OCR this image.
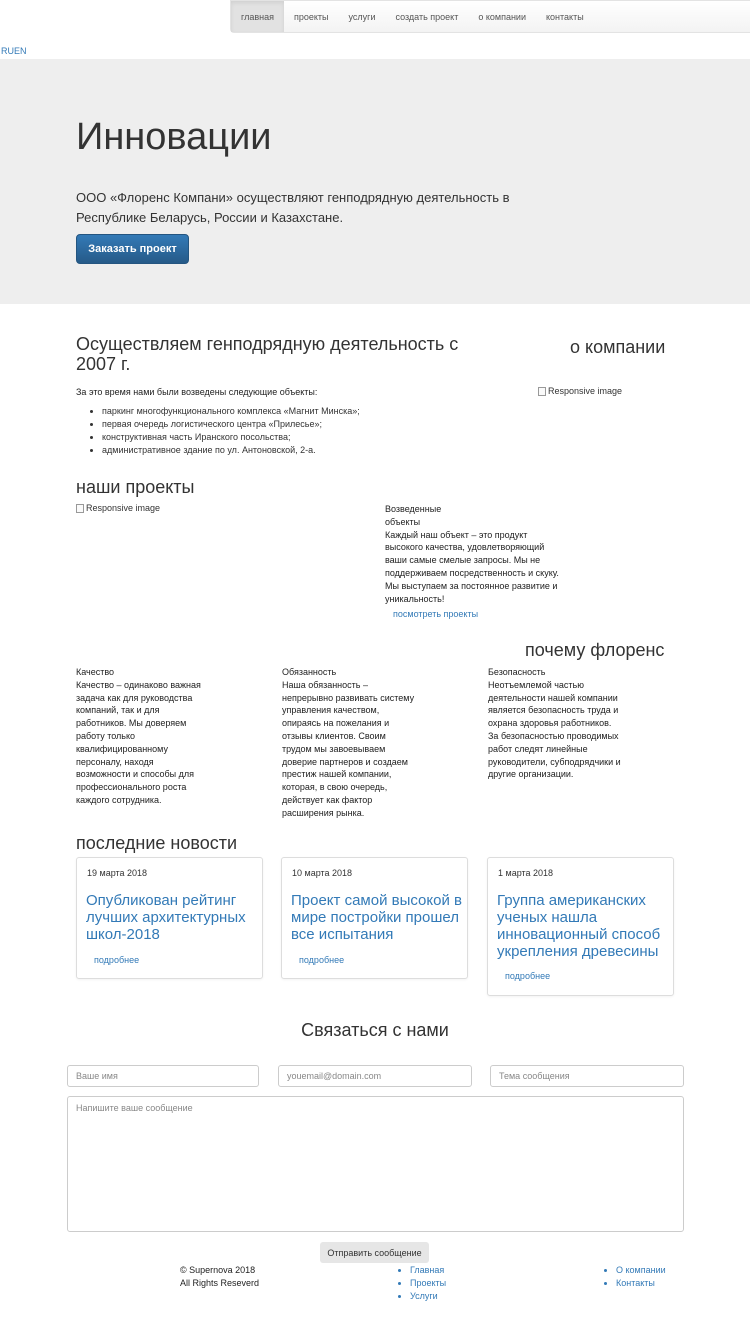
главная	проекты	услуги	создать проект	о компании	контакты
RUEN
Инновации

ООО «Флоренс Компани» осуществляют генподрядную деятельность в Республике Беларусь, России и Казахстане.

Заказать проект
Осуществляем генподрядную деятельность с 2007 г.
о компании
За это время нами были возведены следующие объекты:
• паркинг многофункционального комплекса «Магнит Минска»;
• первая очередь логистического центра «Прилесье»;
• конструктивная часть Иранского посольства;
• административное здание по ул. Антоновской, 2-а.
Responsive image
наши проекты
Responsive image	Возведенные
объекты
Каждый наш объект – это продукт высокого качества, удовлетворяющий ваши самые смелые запросы. Мы не поддерживаем посредственность и скуку. Мы выступаем за постоянное развитие и уникальность!
посмотреть проекты
почему флоренс
Качество
Качество – одинаково важная задача как для руководства компаний, так и для работников. Мы доверяем работу только квалифицированному персоналу, находя возможности и способы для профессионального роста каждого сотрудника.
Обязанность
Наша обязанность – непрерывно развивать систему управления качеством, опираясь на пожелания и отзывы клиентов. Своим трудом мы завоевываем доверие партнеров и создаем престиж нашей компании, которая, в свою очередь, действует как фактор расширения рынка.
Безопасность
Неотъемлемой частью деятельности нашей компании является безопасность труда и охрана здоровья работников. За безопасностью проводимых работ следят линейные руководители, субподрядчики и другие организации.
последние новости
19 марта 2018
Опубликован рейтинг лучших архитектурных школ-2018
подробнее
10 марта 2018
Проект самой высокой в мире постройки прошел все испытания
подробнее
1 марта 2018
Группа американских ученых нашла инновационный способ укрепления древесины
подробнее
Связаться с нами
Ваше имя
youemail@domain.com
Тема сообщения
Напишите ваше сообщение
Отправить сообщение
© Supernova 2018
All Rights Reseverd
• Главная
• Проекты
• Услуги
• О компании
• Контакты
